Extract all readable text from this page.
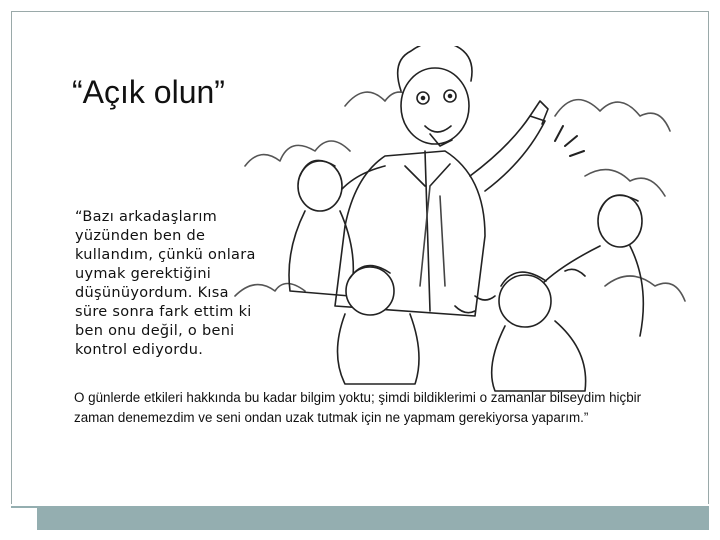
“Açık olun”
“Bazı arkadaşlarım yüzünden ben de kullandım, çünkü onlara uymak gerektiğini düşünüyordum. Kısa süre sonra fark ettim ki ben onu değil, o beni kontrol ediyordu.
O günlerde etkileri hakkında bu kadar bilgim yoktu; şimdi bildiklerimi o zamanlar bilseydim hiçbir zaman denemezdim ve seni ondan uzak tutmak için ne yapmam gerekiyorsa yaparım.”
